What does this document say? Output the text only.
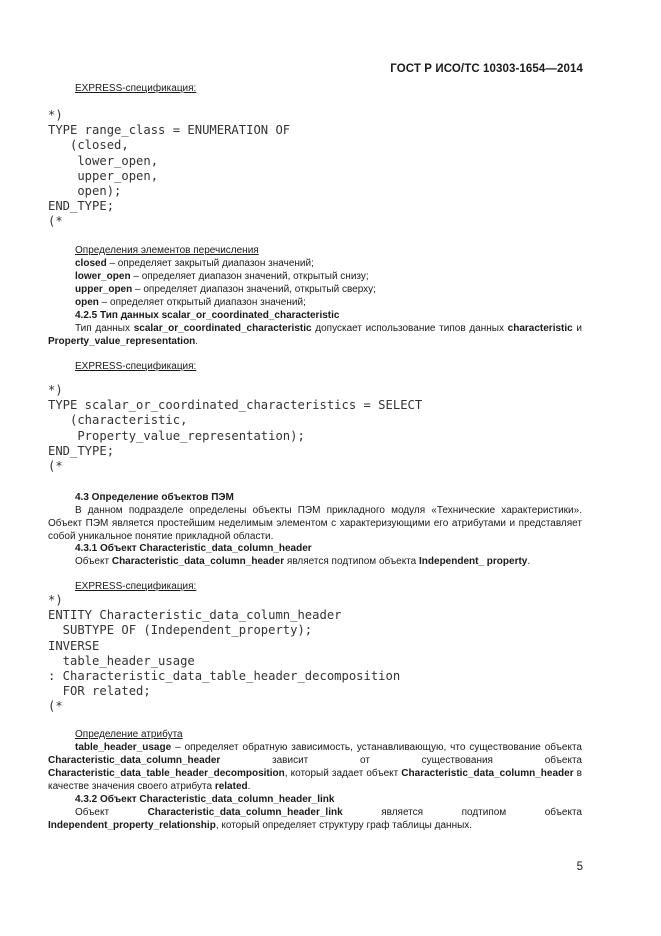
ГОСТ Р ИСО/ТС 10303-1654—2014
EXPRESS-спецификация:
*)
TYPE range_class = ENUMERATION OF
(closed,
lower_open,
upper_open,
open);
END_TYPE;
(*
Определения элементов перечисления
closed – определяет закрытый диапазон значений;
lower_open – определяет диапазон значений, открытый снизу;
upper_open – определяет диапазон значений, открытый сверху;
open – определяет открытый диапазон значений;
4.2.5 Тип данных scalar_or_coordinated_characteristic
Тип данных scalar_or_coordinated_characteristic допускает использование типов данных characteristic и Property_value_representation.
EXPRESS-спецификация:
*)
TYPE scalar_or_coordinated_characteristics = SELECT
(characteristic,
Property_value_representation);
END_TYPE;
(*
4.3 Определение объектов ПЭМ
В данном подразделе определены объекты ПЭМ прикладного модуля «Технические характеристики». Объект ПЭМ является простейшим неделимым элементом с характеризующими его атрибутами и представляет собой уникальное понятие прикладной области.
4.3.1 Объект Characteristic_data_column_header
Объект Characteristic_data_column_header является подтипом объекта Independent_ property.
EXPRESS-спецификация:
*)
ENTITY Characteristic_data_column_header
SUBTYPE OF (Independent_property);
INVERSE
table_header_usage
: Characteristic_data_table_header_decomposition
FOR related;
(*
Определение атрибута
table_header_usage – определяет обратную зависимость, устанавливающую, что существование объекта Characteristic_data_column_header зависит от существования объекта Characteristic_data_table_header_decomposition, который задает объект Characteristic_data_column_header в качестве значения своего атрибута related.
4.3.2 Объект Characteristic_data_column_header_link
Объект Characteristic_data_column_header_link является подтипом объекта Independent_property_relationship, который определяет структуру граф таблицы данных.
5
